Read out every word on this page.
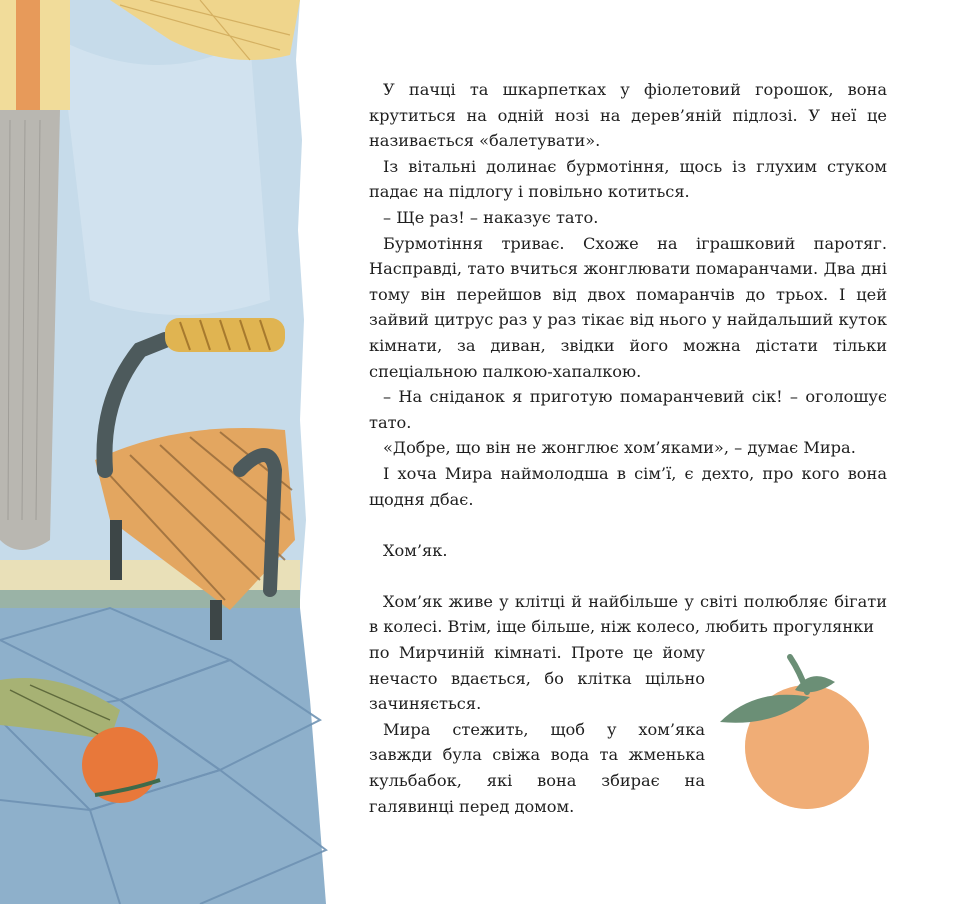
У пачці та шкарпетках у фіолетовий горошок, вона крутиться на одній нозі на дерев’яній підлозі. У неї це називається «балетувати».

Із вітальні долинає бурмотіння, щось із глухим стуком падає на підлогу і повільно котиться.

– Ще раз! – наказує тато.

Бурмотіння триває. Схоже на іграшковий паротяг. Насправді, тато вчиться жонглювати помаранчами. Два дні тому він перейшов від двох помаранчів до трьох. І цей зайвий цитрус раз у раз тікає від нього у найдальший куток кімнати, за диван, звідки його можна дістати тільки спеціальною палкою-хапалкою.

– На сніданок я приготую помаранчевий сік! – оголошує тато.

«Добре, що він не жонглює хом’яками», – думає Мира.

І хоча Мира наймолодша в сім’ї, є дехто, про кого вона щодня дбає.

Хом’як.

Хом’як живе у клітці й найбільше у світі полюбляє бігати в колесі. Втім, іще більше, ніж колесо, любить прогулянки

по Мирчиній кімнаті. Проте це йому нечасто вдається, бо клітка щільно зачиняється.

Мира стежить, щоб у хом’яка завжди була свіжа вода та жменька кульбабок, які вона збирає на галявинці перед домом.
